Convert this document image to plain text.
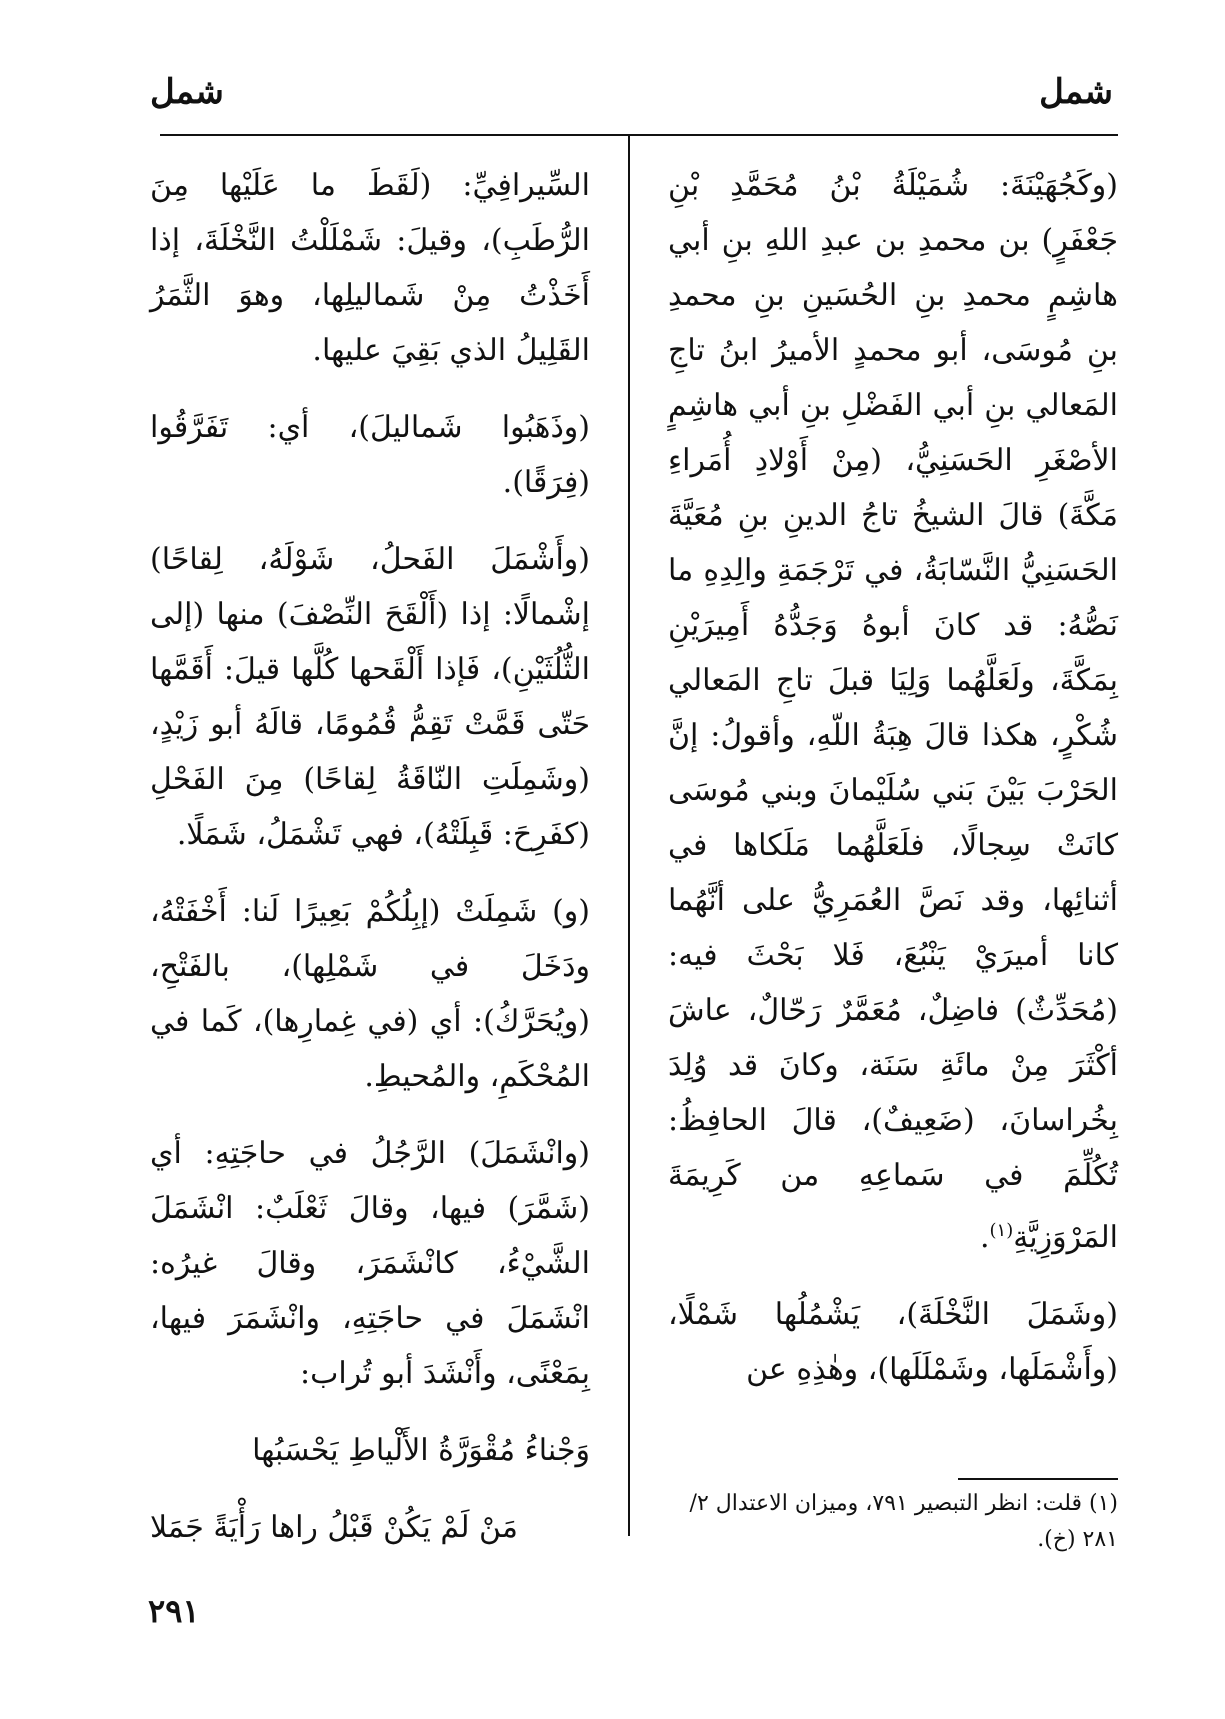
شمل
شمل

(وكَجُهَيْنَةَ: شُمَيْلَةُ بْنُ مُحَمَّدِ بْنِ جَعْفَرٍ) بن محمدِ بن عبدِ اللهِ بنِ أبي هاشِمٍ محمدِ بنِ الحُسَينِ بنِ محمدِ بنِ مُوسَى، أبو محمدٍ الأميرُ ابنُ تاجِ المَعالي بنِ أبي الفَضْلِ بنِ أبي هاشِمٍ الأصْغَرِ الحَسَنِيُّ، (مِنْ أَوْلادِ أُمَراءِ مَكَّةَ) قالَ الشيخُ تاجُ الدينِ بنِ مُعَيَّةَ الحَسَنِيُّ النَّسّابَةُ، في تَرْجَمَةِ والِدِهِ ما نَصُّهُ: قد كانَ أبوهُ وَجَدُّهُ أَمِيرَيْنِ بِمَكَّةَ، ولَعَلَّهُما وَلِيَا قبلَ تاجِ المَعالي شُكْرٍ، هكذا قالَ هِبَةُ اللّهِ، وأقولُ: إنَّ الحَرْبَ بَيْنَ بَني سُلَيْمانَ وبني مُوسَى كانَتْ سِجالًا، فلَعَلَّهُما مَلَكاها في أثنائِها، وقد نَصَّ العُمَرِيُّ على أنَّهُما كانا أميرَيْ يَنْبُعَ، فَلا بَحْثَ فيه: (مُحَدِّثٌ) فاضِلٌ، مُعَمَّرٌ رَحّالٌ، عاشَ أكْثَرَ مِنْ مائَةِ سَنَة، وكانَ قد وُلِدَ بِخُراسانَ، (ضَعِيفٌ)، قالَ الحافِظُ: تُكُلِّمَ في سَماعِهِ من كَرِيمَةَ المَرْوَزِيَّةِ$^{(١)}$.

(وشَمَلَ النَّخْلَةَ)، يَشْمُلُها شَمْلًا، (وأَشْمَلَها، وشَمْلَلَها)، وهٰذِهِ عن

السِّيرافِيِّ: (لَقَطَ ما عَلَيْها مِنَ الرُّطَبِ)، وقيلَ: شَمْلَلْتُ النَّخْلَةَ، إذا أَخَذْتُ مِنْ شَماليلِها، وهوَ الثَّمَرُ القَلِيلُ الذي بَقِيَ عليها.

(وذَهَبُوا شَماليلَ)، أي: تَفَرَّقُوا (فِرَقًا).

(وأَشْمَلَ الفَحلُ، شَوْلَهُ، لِقاحًا) إشْمالًا: إذا (أَلْقَحَ النِّصْفَ) منها (إلى الثُّلُثَيْنِ)، فَإذا أَلْقَحها كُلَّها قيلَ: أَقَمَّها حَتّى قَمَّتْ تَقِمُّ قُمُومًا، قالَهُ أبو زَيْدٍ، (وشَمِلَتِ النّاقَةُ لِقاحًا) مِنَ الفَحْلِ (كفَرِحَ: قَبِلَتْهُ)، فهي تَشْمَلُ، شَمَلًا.

(و) شَمِلَتْ (إبِلُكُمْ بَعِيرًا لَنا: أَخْفَتْهُ، ودَخَلَ في شَمْلِها)، بالفَتْحِ، (ويُحَرَّكُ): أي (في غِمارِها)، كَما في المُحْكَمِ، والمُحيطِ.

(وانْشَمَلَ) الرَّجُلُ في حاجَتِهِ: أي (شَمَّرَ) فيها، وقالَ ثَعْلَبٌ: انْشَمَلَ الشَّيْءُ، كانْشَمَرَ، وقالَ غيرُه: انْشَمَلَ في حاجَتِهِ، وانْشَمَرَ فيها، بِمَعْنًى، وأَنْشَدَ أبو تُراب:

وَجْناءُ مُقْوَرَّةُ الأَلْياطِ يَحْسَبُها

مَنْ لَمْ يَكُنْ قَبْلُ راها رَأْيَةً جَمَلا

(١) قلت: انظر التبصير ٧٩١، وميزان الاعتدال ٢/ ٢٨١ (خ).
٢٩١
